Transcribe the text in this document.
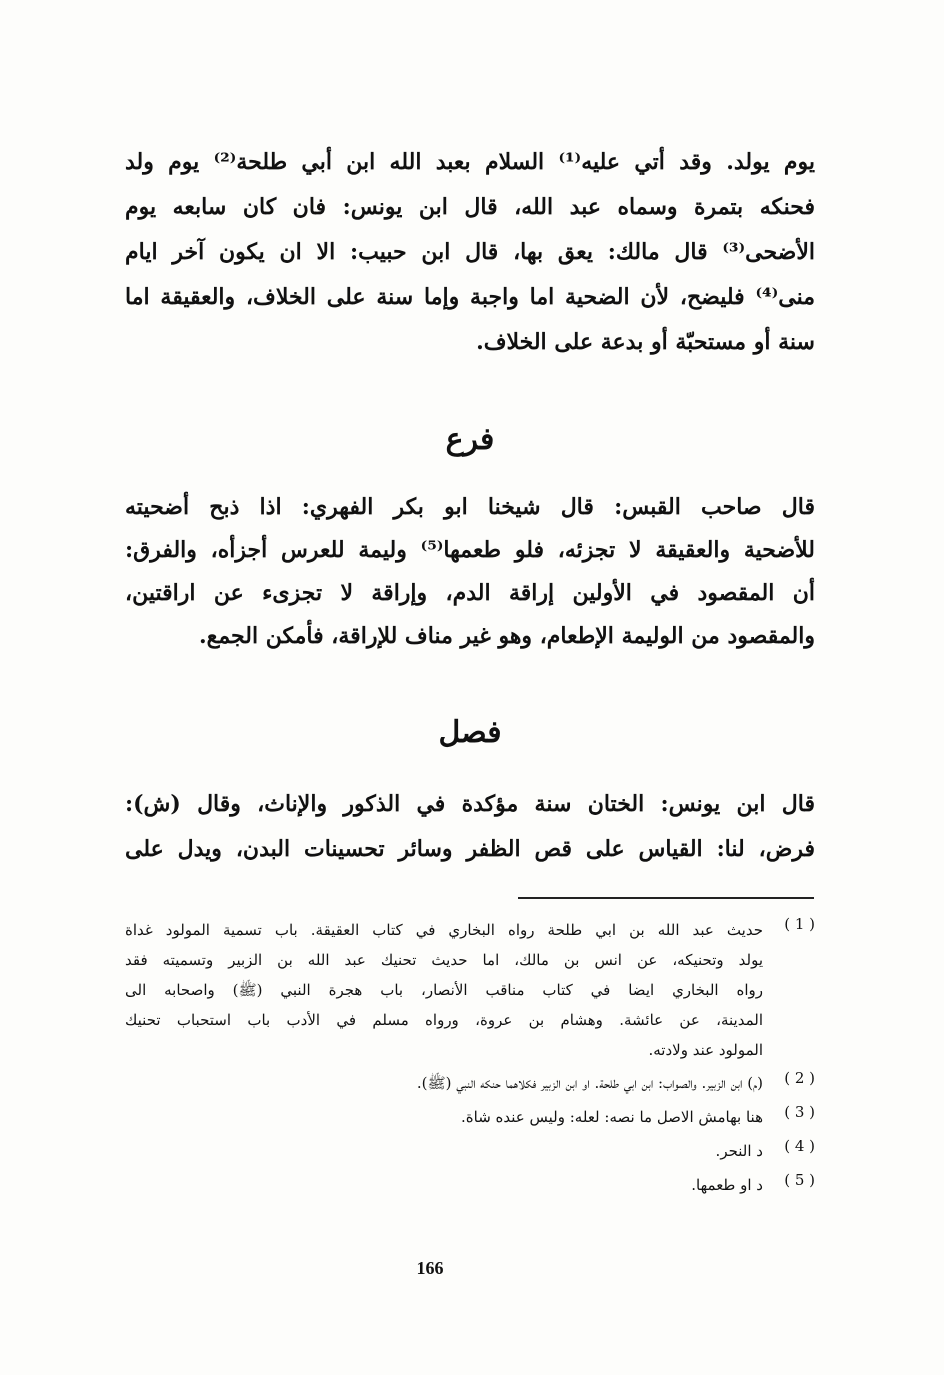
يوم يولد. وقد أتي عليه⁽¹⁾ السلام بعبد الله ابن أبي طلحة⁽²⁾ يوم ولد
فحنكه بتمرة وسماه عبد الله، قال ابن يونس: فان كان سابعه يوم
الأضحى⁽³⁾ قال مالك: يعق بها، قال ابن حبيب: الا ان يكون آخر ايام
منى⁽⁴⁾ فليضح، لأن الضحية اما واجبة وإما سنة على الخلاف، والعقيقة اما
سنة أو مستحبّة أو بدعة على الخلاف.
فرع
قال صاحب القبس: قال شيخنا ابو بكر الفهري: اذا ذبح أضحيته
للأضحية والعقيقة لا تجزئه، فلو طعمها⁽⁵⁾ وليمة للعرس أجزأه، والفرق:
أن المقصود في الأولين إراقة الدم، وإراقة لا تجزىء عن اراقتين،
والمقصود من الوليمة الإطعام، وهو غير مناف للإراقة، فأمكن الجمع.
فصل
قال ابن يونس: الختان سنة مؤكدة في الذكور والإناث، وقال (ش):
فرض، لنا: القياس على قص الظفر وسائر تحسينات البدن، ويدل على
( 1 )
حديث عبد الله بن ابي طلحة رواه البخاري في كتاب العقيقة. باب تسمية المولود غداة
يولد وتحنيكه، عن انس بن مالك، اما حديث تحنيك عبد الله بن الزبير وتسميته فقد
رواه البخاري ايضا في كتاب مناقب الأنصار، باب هجرة النبي (ﷺ) واصحابه الى
المدينة، عن عائشة. وهشام بن عروة، ورواه مسلم في الأدب باب استحباب تحنيك
المولود عند ولادته.
( 2 )
(م) ابن الزبير. والصواب: ابن ابي طلحة. او ابن الزبير فكلاهما حنكه النبي (ﷺ).
( 3 )
هنا بهامش الاصل ما نصه: لعله: وليس عنده شاة.
( 4 )
د النحر.
( 5 )
د او طعمها.
166
